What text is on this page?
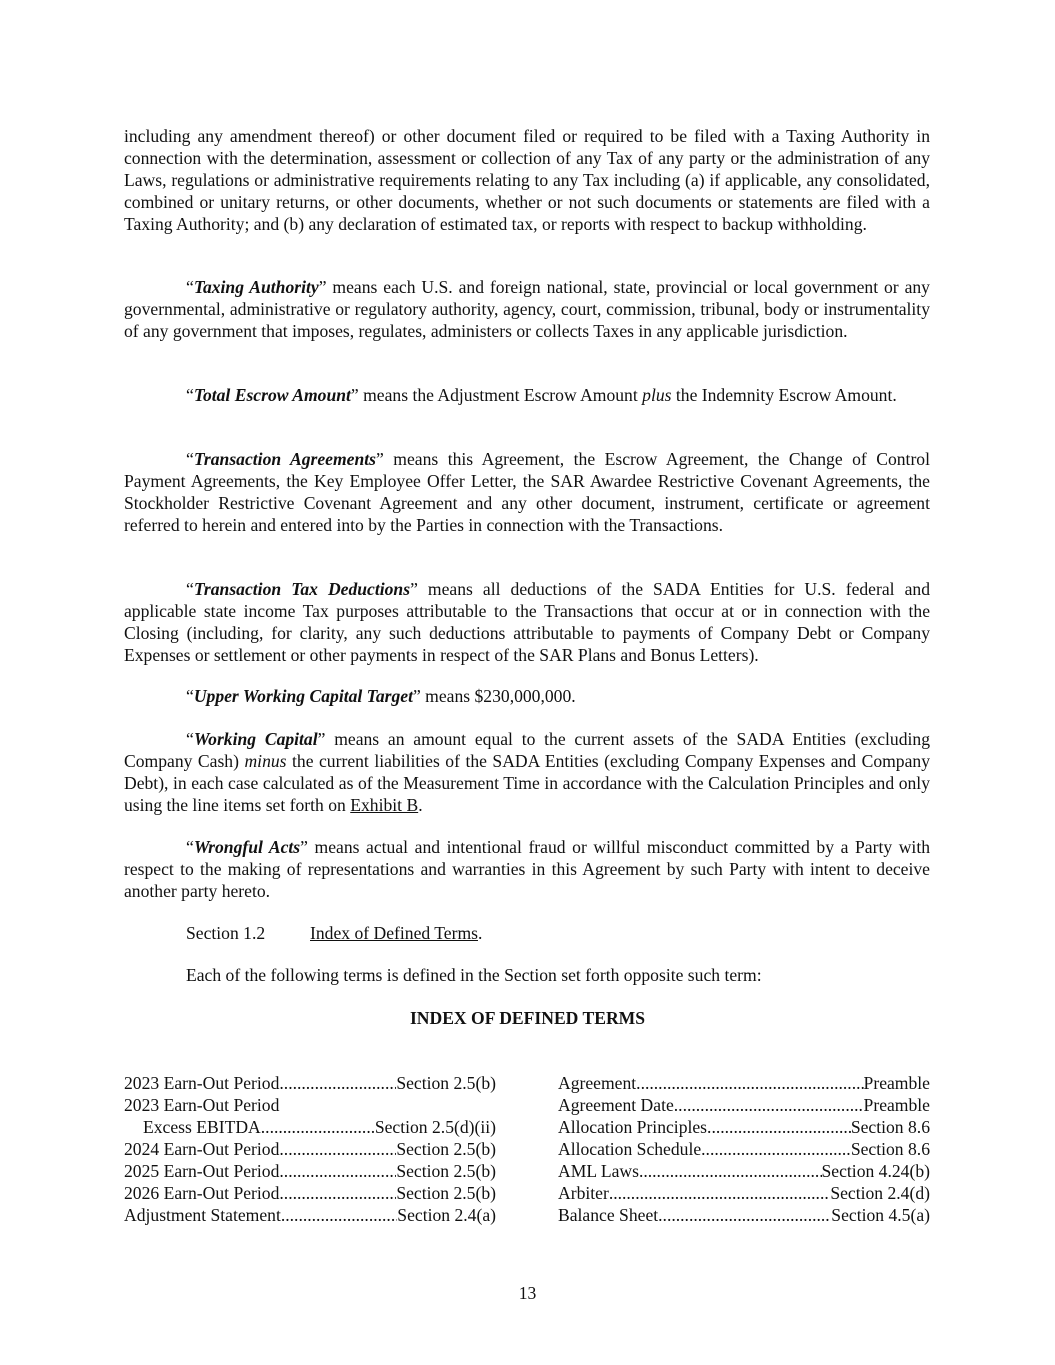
including any amendment thereof) or other document filed or required to be filed with a Taxing Authority in connection with the determination, assessment or collection of any Tax of any party or the administration of any Laws, regulations or administrative requirements relating to any Tax including (a) if applicable, any consolidated, combined or unitary returns, or other documents, whether or not such documents or statements are filed with a Taxing Authority; and (b) any declaration of estimated tax, or reports with respect to backup withholding.

“Taxing Authority” means each U.S. and foreign national, state, provincial or local government or any governmental, administrative or regulatory authority, agency, court, commission, tribunal, body or instrumentality of any government that imposes, regulates, administers or collects Taxes in any applicable jurisdiction.

“Total Escrow Amount” means the Adjustment Escrow Amount plus the Indemnity Escrow Amount.

“Transaction Agreements” means this Agreement, the Escrow Agreement, the Change of Control Payment Agreements, the Key Employee Offer Letter, the SAR Awardee Restrictive Covenant Agreements, the Stockholder Restrictive Covenant Agreement and any other document, instrument, certificate or agreement referred to herein and entered into by the Parties in connection with the Transactions.

“Transaction Tax Deductions” means all deductions of the SADA Entities for U.S. federal and applicable state income Tax purposes attributable to the Transactions that occur at or in connection with the Closing (including, for clarity, any such deductions attributable to payments of Company Debt or Company Expenses or settlement or other payments in respect of the SAR Plans and Bonus Letters).

“Upper Working Capital Target” means $230,000,000.

“Working Capital” means an amount equal to the current assets of the SADA Entities (excluding Company Cash) minus the current liabilities of the SADA Entities (excluding Company Expenses and Company Debt), in each case calculated as of the Measurement Time in accordance with the Calculation Principles and only using the line items set forth on Exhibit B.

“Wrongful Acts” means actual and intentional fraud or willful misconduct committed by a Party with respect to the making of representations and warranties in this Agreement by such Party with intent to deceive another party hereto.

Section 1.2	Index of Defined Terms.
Each of the following terms is defined in the Section set forth opposite such term:
INDEX OF DEFINED TERMS
2023 Earn-Out Period .....	Section 2.5(b)
2023 Earn-Out Period
Excess EBITDA .....	Section 2.5(d)(ii)
2024 Earn-Out Period .....	Section 2.5(b)
2025 Earn-Out Period .....	Section 2.5(b)
2026 Earn-Out Period .....	Section 2.5(b)
Adjustment Statement .....	Section 2.4(a)
Agreement .....	Preamble
Agreement Date .....	Preamble
Allocation Principles .....	Section 8.6
Allocation Schedule .....	Section 8.6
AML Laws .....	Section 4.24(b)
Arbiter .....	Section 2.4(d)
Balance Sheet .....	Section 4.5(a)
13
